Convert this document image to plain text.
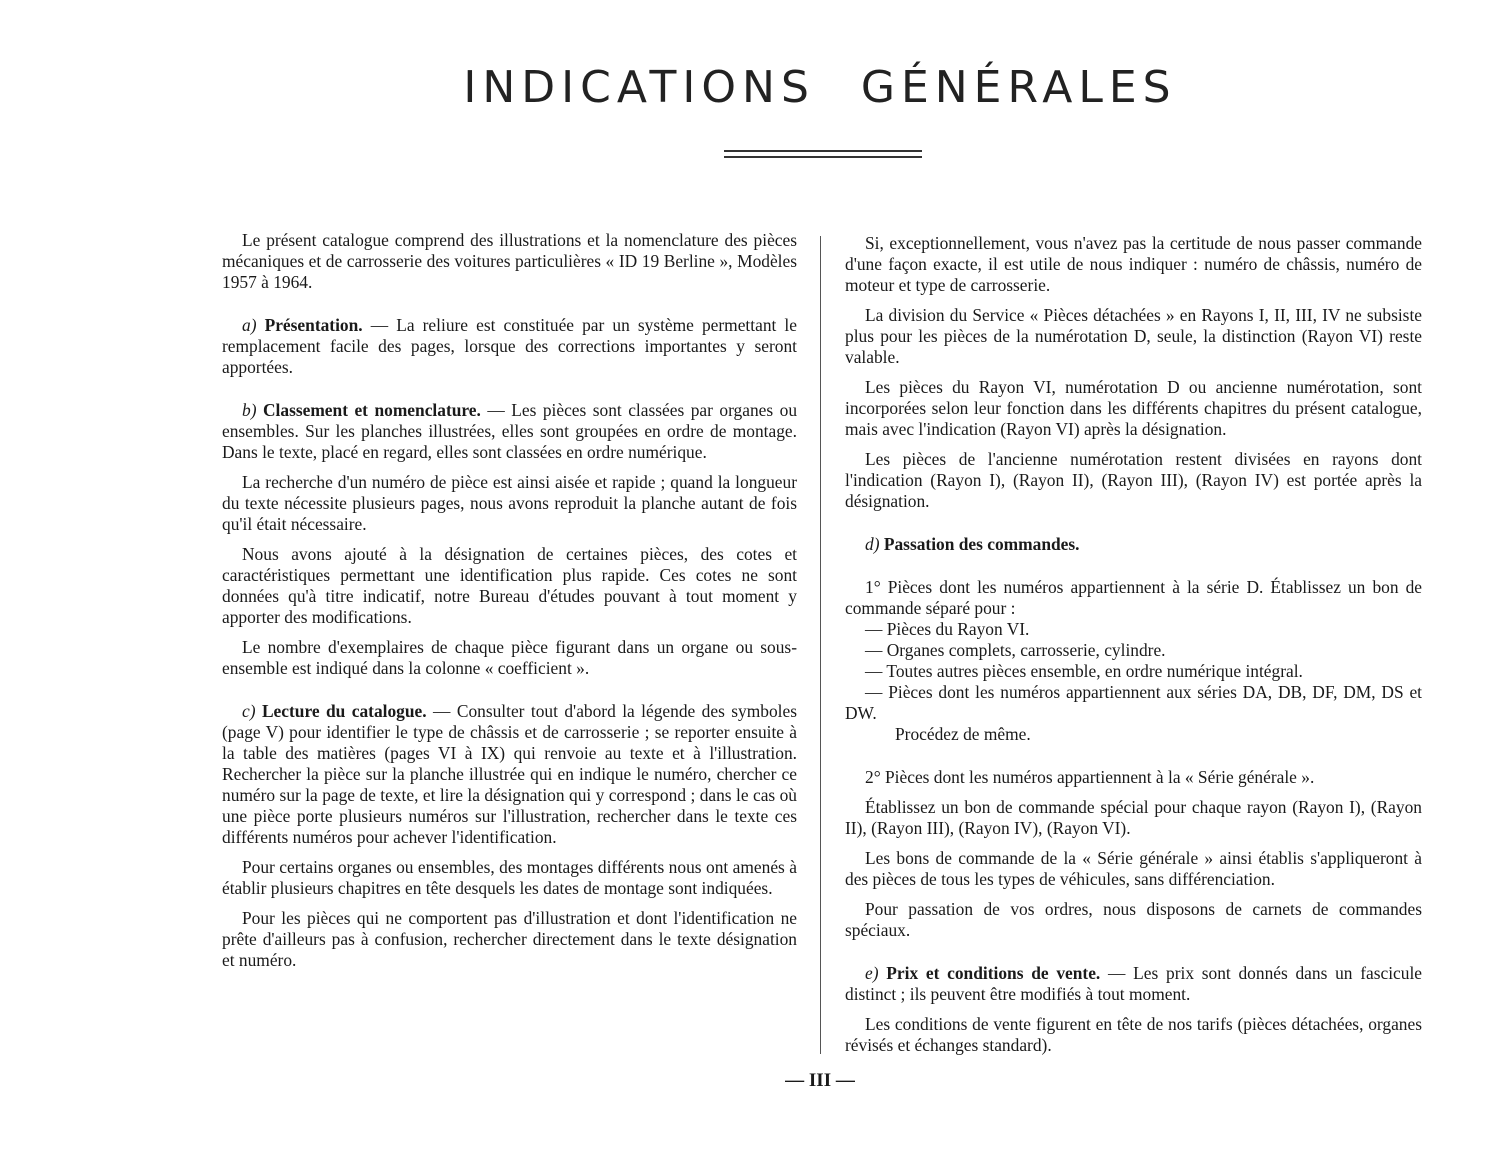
INDICATIONS GÉNÉRALES

Le présent catalogue comprend des illustrations et la nomenclature des pièces mécaniques et de carrosserie des voitures particulières « ID 19 Berline », Modèles 1957 à 1964.

a) Présentation. — La reliure est constituée par un système permettant le remplacement facile des pages, lorsque des corrections importantes y seront apportées.

b) Classement et nomenclature. — Les pièces sont classées par organes ou ensembles. Sur les planches illustrées, elles sont groupées en ordre de montage. Dans le texte, placé en regard, elles sont classées en ordre numérique.

La recherche d'un numéro de pièce est ainsi aisée et rapide ; quand la longueur du texte nécessite plusieurs pages, nous avons reproduit la planche autant de fois qu'il était nécessaire.

Nous avons ajouté à la désignation de certaines pièces, des cotes et caractéristiques permettant une identification plus rapide. Ces cotes ne sont données qu'à titre indicatif, notre Bureau d'études pouvant à tout moment y apporter des modifications.

Le nombre d'exemplaires de chaque pièce figurant dans un organe ou sous-ensemble est indiqué dans la colonne « coefficient ».

c) Lecture du catalogue. — Consulter tout d'abord la légende des symboles (page V) pour identifier le type de châssis et de carrosserie ; se reporter ensuite à la table des matières (pages VI à IX) qui renvoie au texte et à l'illustration. Rechercher la pièce sur la planche illustrée qui en indique le numéro, chercher ce numéro sur la page de texte, et lire la désignation qui y correspond ; dans le cas où une pièce porte plusieurs numéros sur l'illustration, rechercher dans le texte ces différents numéros pour achever l'identification.

Pour certains organes ou ensembles, des montages différents nous ont amenés à établir plusieurs chapitres en tête desquels les dates de montage sont indiquées.

Pour les pièces qui ne comportent pas d'illustration et dont l'identification ne prête d'ailleurs pas à confusion, rechercher directement dans le texte désignation et numéro.

Si, exceptionnellement, vous n'avez pas la certitude de nous passer commande d'une façon exacte, il est utile de nous indiquer : numéro de châssis, numéro de moteur et type de carrosserie.

La division du Service « Pièces détachées » en Rayons I, II, III, IV ne subsiste plus pour les pièces de la numérotation D, seule, la distinction (Rayon VI) reste valable.

Les pièces du Rayon VI, numérotation D ou ancienne numérotation, sont incorporées selon leur fonction dans les différents chapitres du présent catalogue, mais avec l'indication (Rayon VI) après la désignation.

Les pièces de l'ancienne numérotation restent divisées en rayons dont l'indication (Rayon I), (Rayon II), (Rayon III), (Rayon IV) est portée après la désignation.

d) Passation des commandes.

1° Pièces dont les numéros appartiennent à la série D. Établissez un bon de commande séparé pour :

— Pièces du Rayon VI.

— Organes complets, carrosserie, cylindre.

— Toutes autres pièces ensemble, en ordre numérique intégral.

— Pièces dont les numéros appartiennent aux séries DA, DB, DF, DM, DS et DW.

Procédez de même.

2° Pièces dont les numéros appartiennent à la « Série générale ».

Établissez un bon de commande spécial pour chaque rayon (Rayon I), (Rayon II), (Rayon III), (Rayon IV), (Rayon VI).

Les bons de commande de la « Série générale » ainsi établis s'appliqueront à des pièces de tous les types de véhicules, sans différenciation.

Pour passation de vos ordres, nous disposons de carnets de commandes spéciaux.

e) Prix et conditions de vente. — Les prix sont donnés dans un fascicule distinct ; ils peuvent être modifiés à tout moment.

Les conditions de vente figurent en tête de nos tarifs (pièces détachées, organes révisés et échanges standard).

— III —
